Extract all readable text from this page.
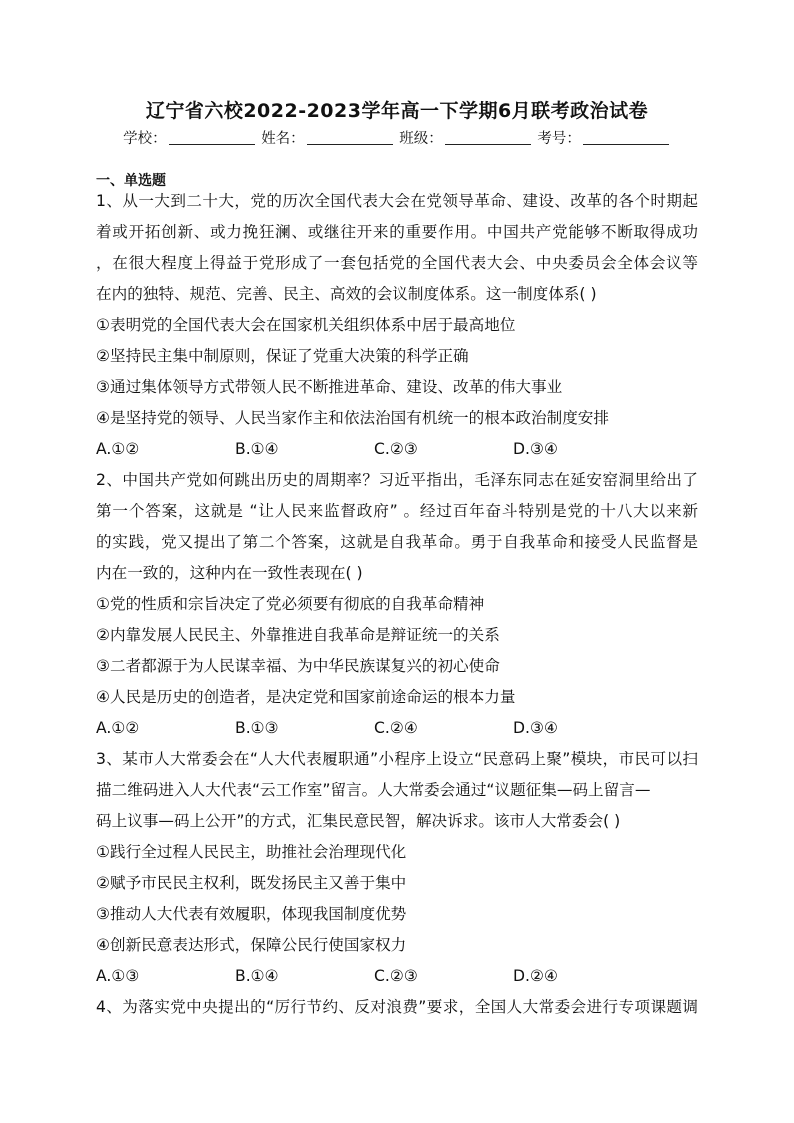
辽宁省六校2022-2023学年高一下学期6月联考政治试卷
学校：	姓名：	班级：	考号：
一、单选题
1、从一大到二十大，党的历次全国代表大会在党领导革命、建设、改革的各个时期起
着或开拓创新、或力挽狂澜、或继往开来的重要作用。中国共产党能够不断取得成功
，在很大程度上得益于党形成了一套包括党的全国代表大会、中央委员会全体会议等
在内的独特、规范、完善、民主、高效的会议制度体系。这一制度体系( )
①表明党的全国代表大会在国家机关组织体系中居于最高地位
②坚持民主集中制原则，保证了党重大决策的科学正确
③通过集体领导方式带领人民不断推进革命、建设、改革的伟大事业
④是坚持党的领导、人民当家作主和依法治国有机统一的根本政治制度安排
A.①②	B.①④	C.②③	D.③④
2、中国共产党如何跳出历史的周期率？习近平指出，毛泽东同志在延安窑洞里给出了
第一个答案，这就是 “让人民来监督政府” 。经过百年奋斗特别是党的十八大以来新
的实践，党又提出了第二个答案，这就是自我革命。勇于自我革命和接受人民监督是
内在一致的，这种内在一致性表现在( )
①党的性质和宗旨决定了党必须要有彻底的自我革命精神
②内靠发展人民民主、外靠推进自我革命是辩证统一的关系
③二者都源于为人民谋幸福、为中华民族谋复兴的初心使命
④人民是历史的创造者，是决定党和国家前途命运的根本力量
A.①②	B.①③	C.②④	D.③④
3、某市人大常委会在“人大代表履职通”小程序上设立“民意码上聚”模块，市民可以扫
描二维码进入人大代表“云工作室”留言。人大常委会通过“议题征集—码上留言—
码上议事—码上公开”的方式，汇集民意民智，解决诉求。该市人大常委会( )
①践行全过程人民民主，助推社会治理现代化
②赋予市民民主权利，既发扬民主又善于集中
③推动人大代表有效履职，体现我国制度优势
④创新民意表达形式，保障公民行使国家权力
A.①③	B.①④	C.②③	D.②④
4、为落实党中央提出的“厉行节约、反对浪费”要求，全国人大常委会进行专项课题调
